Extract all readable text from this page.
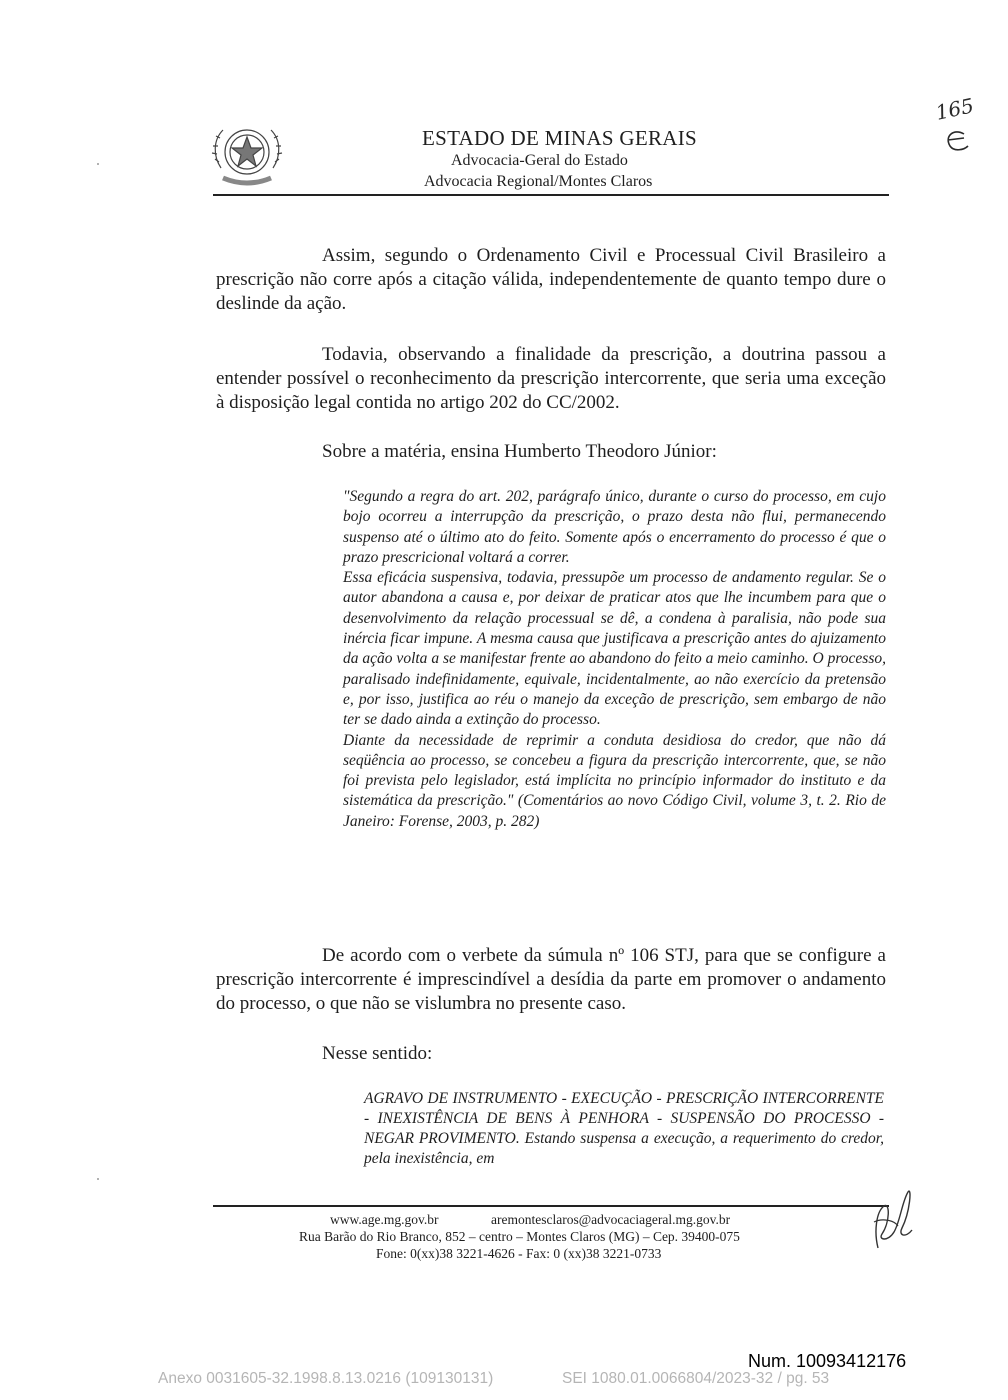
ESTADO DE MINAS GERAIS
Advocacia-Geral do Estado
Advocacia Regional/Montes Claros
165

Assim, segundo o Ordenamento Civil e Processual Civil Brasileiro a prescrição não corre após a citação válida, independentemente de quanto tempo dure o deslinde da ação.

Todavia, observando a finalidade da prescrição, a doutrina passou a entender possível o reconhecimento da prescrição intercorrente, que seria uma exceção à disposição legal contida no artigo 202 do CC/2002.

Sobre a matéria, ensina Humberto Theodoro Júnior:

"Segundo a regra do art. 202, parágrafo único, durante o curso do processo, em cujo bojo ocorreu a interrupção da prescrição, o prazo desta não flui, permanecendo suspenso até o último ato do feito. Somente após o encerramento do processo é que o prazo prescricional voltará a correr.

Essa eficácia suspensiva, todavia, pressupõe um processo de andamento regular. Se o autor abandona a causa e, por deixar de praticar atos que lhe incumbem para que o desenvolvimento da relação processual se dê, a condena à paralisia, não pode sua inércia ficar impune. A mesma causa que justificava a prescrição antes do ajuizamento da ação volta a se manifestar frente ao abandono do feito a meio caminho. O processo, paralisado indefinidamente, equivale, incidentalmente, ao não exercício da pretensão e, por isso, justifica ao réu o manejo da exceção de prescrição, sem embargo de não ter se dado ainda a extinção do processo.

Diante da necessidade de reprimir a conduta desidiosa do credor, que não dá seqüência ao processo, se concebeu a figura da prescrição intercorrente, que, se não foi prevista pelo legislador, está implícita no princípio informador do instituto e da sistemática da prescrição." (Comentários ao novo Código Civil, volume 3, t. 2. Rio de Janeiro: Forense, 2003, p. 282)

De acordo com o verbete da súmula nº 106 STJ, para que se configure a prescrição intercorrente é imprescindível a desídia da parte em promover o andamento do processo, o que não se vislumbra no presente caso.

Nesse sentido:

AGRAVO DE INSTRUMENTO - EXECUÇÃO - PRESCRIÇÃO INTERCORRENTE - INEXISTÊNCIA DE BENS À PENHORA - SUSPENSÃO DO PROCESSO - NEGAR PROVIMENTO. Estando suspensa a execução, a requerimento do credor, pela inexistência, em

www.age.mg.gov.br	aremontesclaros@advocaciageral.mg.gov.br
Rua Barão do Rio Branco, 852 – centro – Montes Claros (MG) – Cep. 39400-075
Fone: 0(xx)38 3221-4626 - Fax: 0 (xx)38 3221-0733
Num. 10093412176
Anexo 0031605-32.1998.8.13.0216 (109130131)	SEI 1080.01.0066804/2023-32 / pg. 53
